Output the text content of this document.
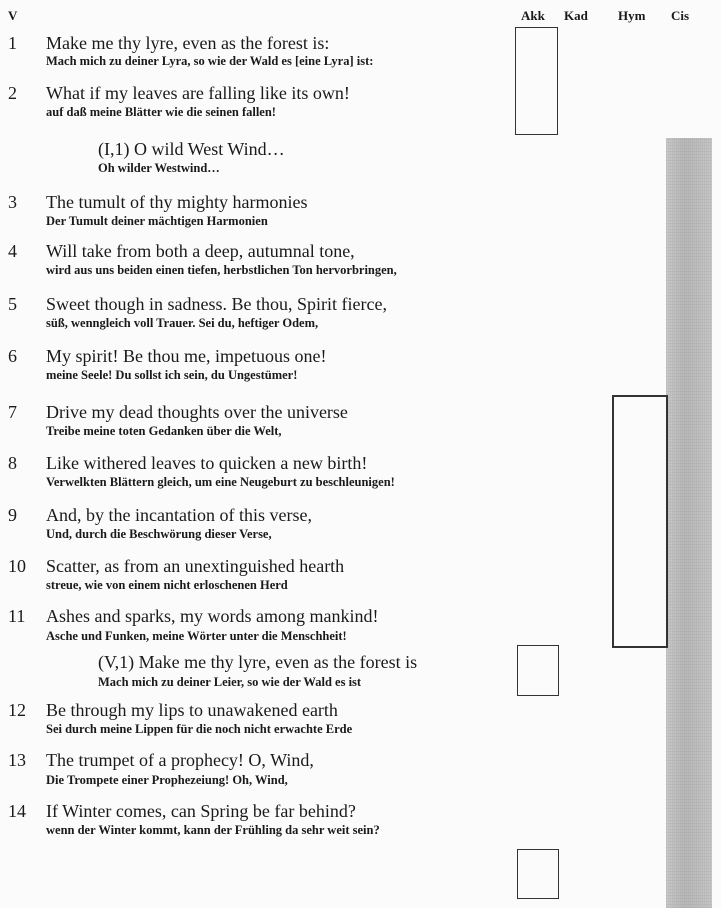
V	Akk Kad Hym Cis
1 Make me thy lyre, even as the forest is:
Mach mich zu deiner Lyra, so wie der Wald es [eine Lyra] ist:
2 What if my leaves are falling like its own!
auf daß meine Blätter wie die seinen fallen!
(I,1) O wild West Wind…
Oh wilder Westwind…
3 The tumult of thy mighty harmonies
Der Tumult deiner mächtigen Harmonien
4 Will take from both a deep, autumnal tone,
wird aus uns beiden einen tiefen, herbstlichen Ton hervorbringen,
5 Sweet though in sadness. Be thou, Spirit fierce,
süß, wenngleich voll Trauer. Sei du, heftiger Odem,
6 My spirit! Be thou me, impetuous one!
meine Seele! Du sollst ich sein, du Ungestümer!
7 Drive my dead thoughts over the universe
Treibe meine toten Gedanken über die Welt,
8 Like withered leaves to quicken a new birth!
Verwelkten Blättern gleich, um eine Neugeburt zu beschleunigen!
9 And, by the incantation of this verse,
Und, durch die Beschwörung dieser Verse,
10 Scatter, as from an unextinguished hearth
streue, wie von einem nicht erloschenen Herd
11 Ashes and sparks, my words among mankind!
Asche und Funken, meine Wörter unter die Menschheit!
(V,1) Make me thy lyre, even as the forest is
Mach mich zu deiner Leier, so wie der Wald es ist
12 Be through my lips to unawakened earth
Sei durch meine Lippen für die noch nicht erwachte Erde
13 The trumpet of a prophecy! O, Wind,
Die Trompete einer Prophezeiung! Oh, Wind,
14 If Winter comes, can Spring be far behind?
wenn der Winter kommt, kann der Frühling da sehr weit sein?
